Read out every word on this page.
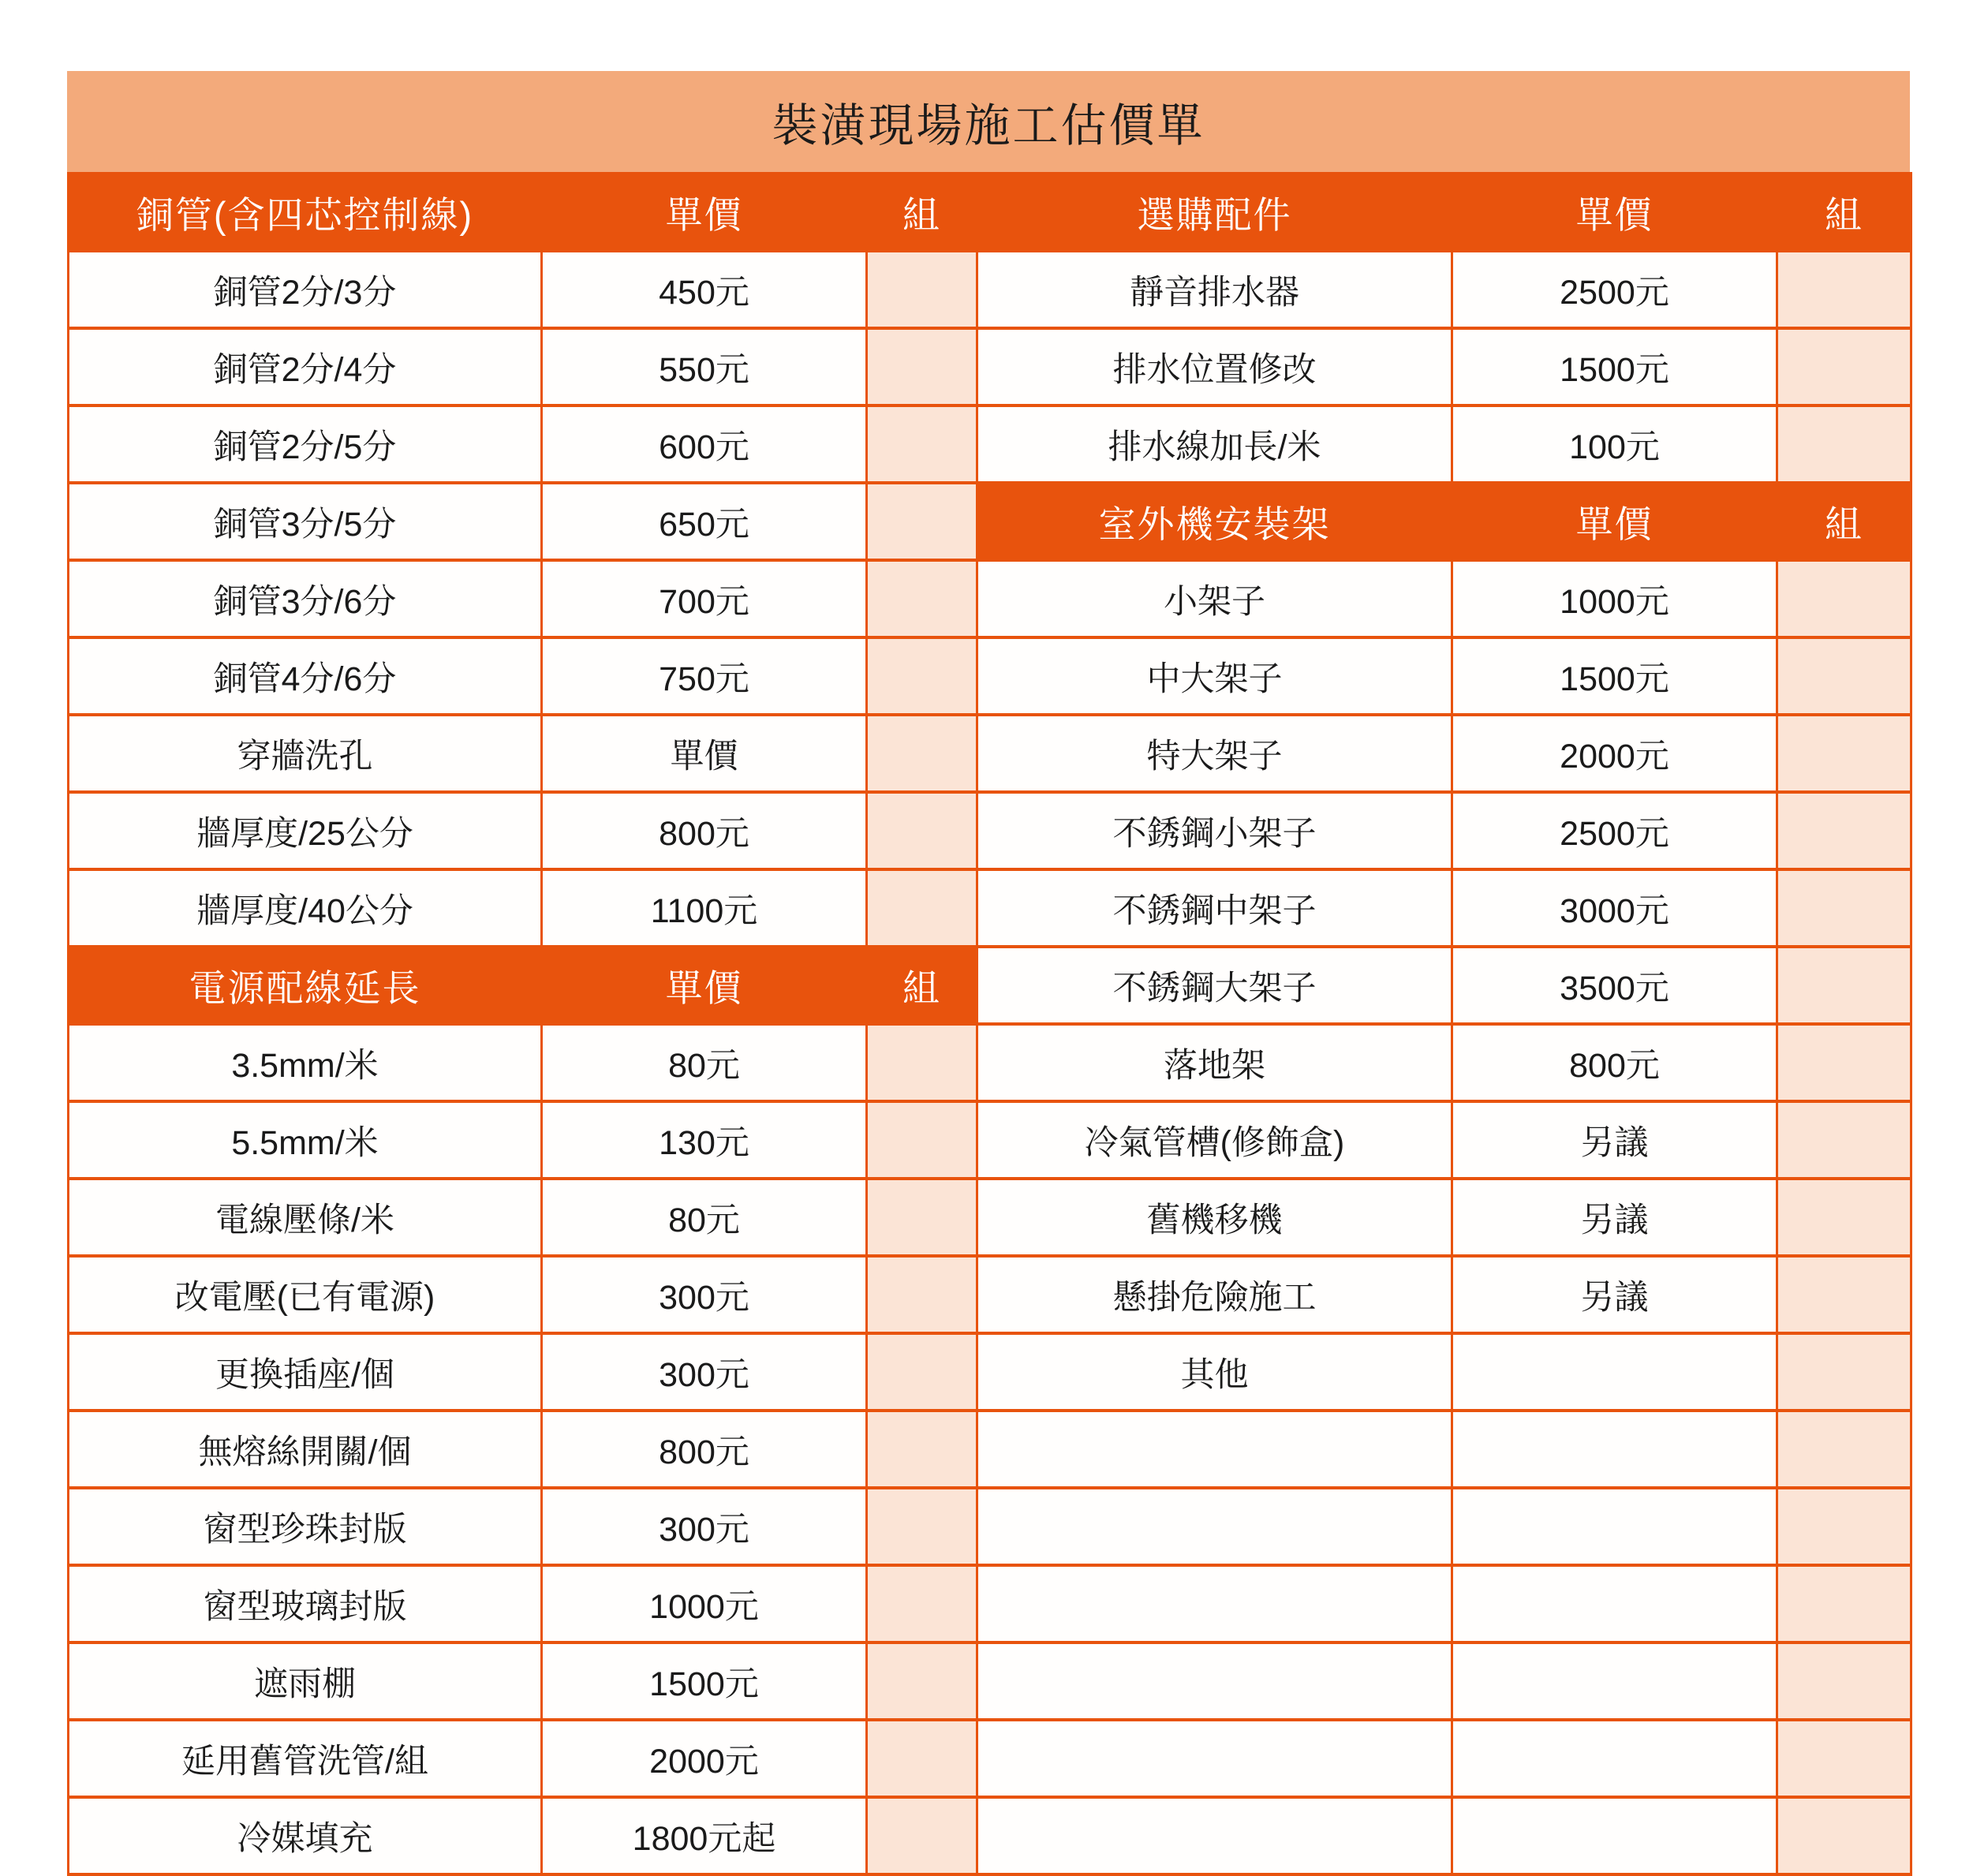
裝潢現場施工估價單
銅管(含四芯控制線)	單價	組	選購配件	單價	組
銅管2分/3分	450元		靜音排水器	2500元	
銅管2分/4分	550元		排水位置修改	1500元	
銅管2分/5分	600元		排水線加長/米	100元	
銅管3分/5分	650元		室外機安裝架	單價	組
銅管3分/6分	700元		小架子	1000元	
銅管4分/6分	750元		中大架子	1500元	
穿牆洗孔	單價		特大架子	2000元	
牆厚度/25公分	800元		不銹鋼小架子	2500元	
牆厚度/40公分	1100元		不銹鋼中架子	3000元	
電源配線延長	單價	組	不銹鋼大架子	3500元	
3.5mm/米	80元		落地架	800元	
5.5mm/米	130元		冷氣管槽(修飾盒)	另議	
電線壓條/米	80元		舊機移機	另議	
改電壓(已有電源)	300元		懸掛危險施工	另議	
更換插座/個	300元		其他		
無熔絲開關/個	800元				
窗型珍珠封版	300元				
窗型玻璃封版	1000元				
遮雨棚	1500元				
延用舊管洗管/組	2000元				
冷媒填充	1800元起				
